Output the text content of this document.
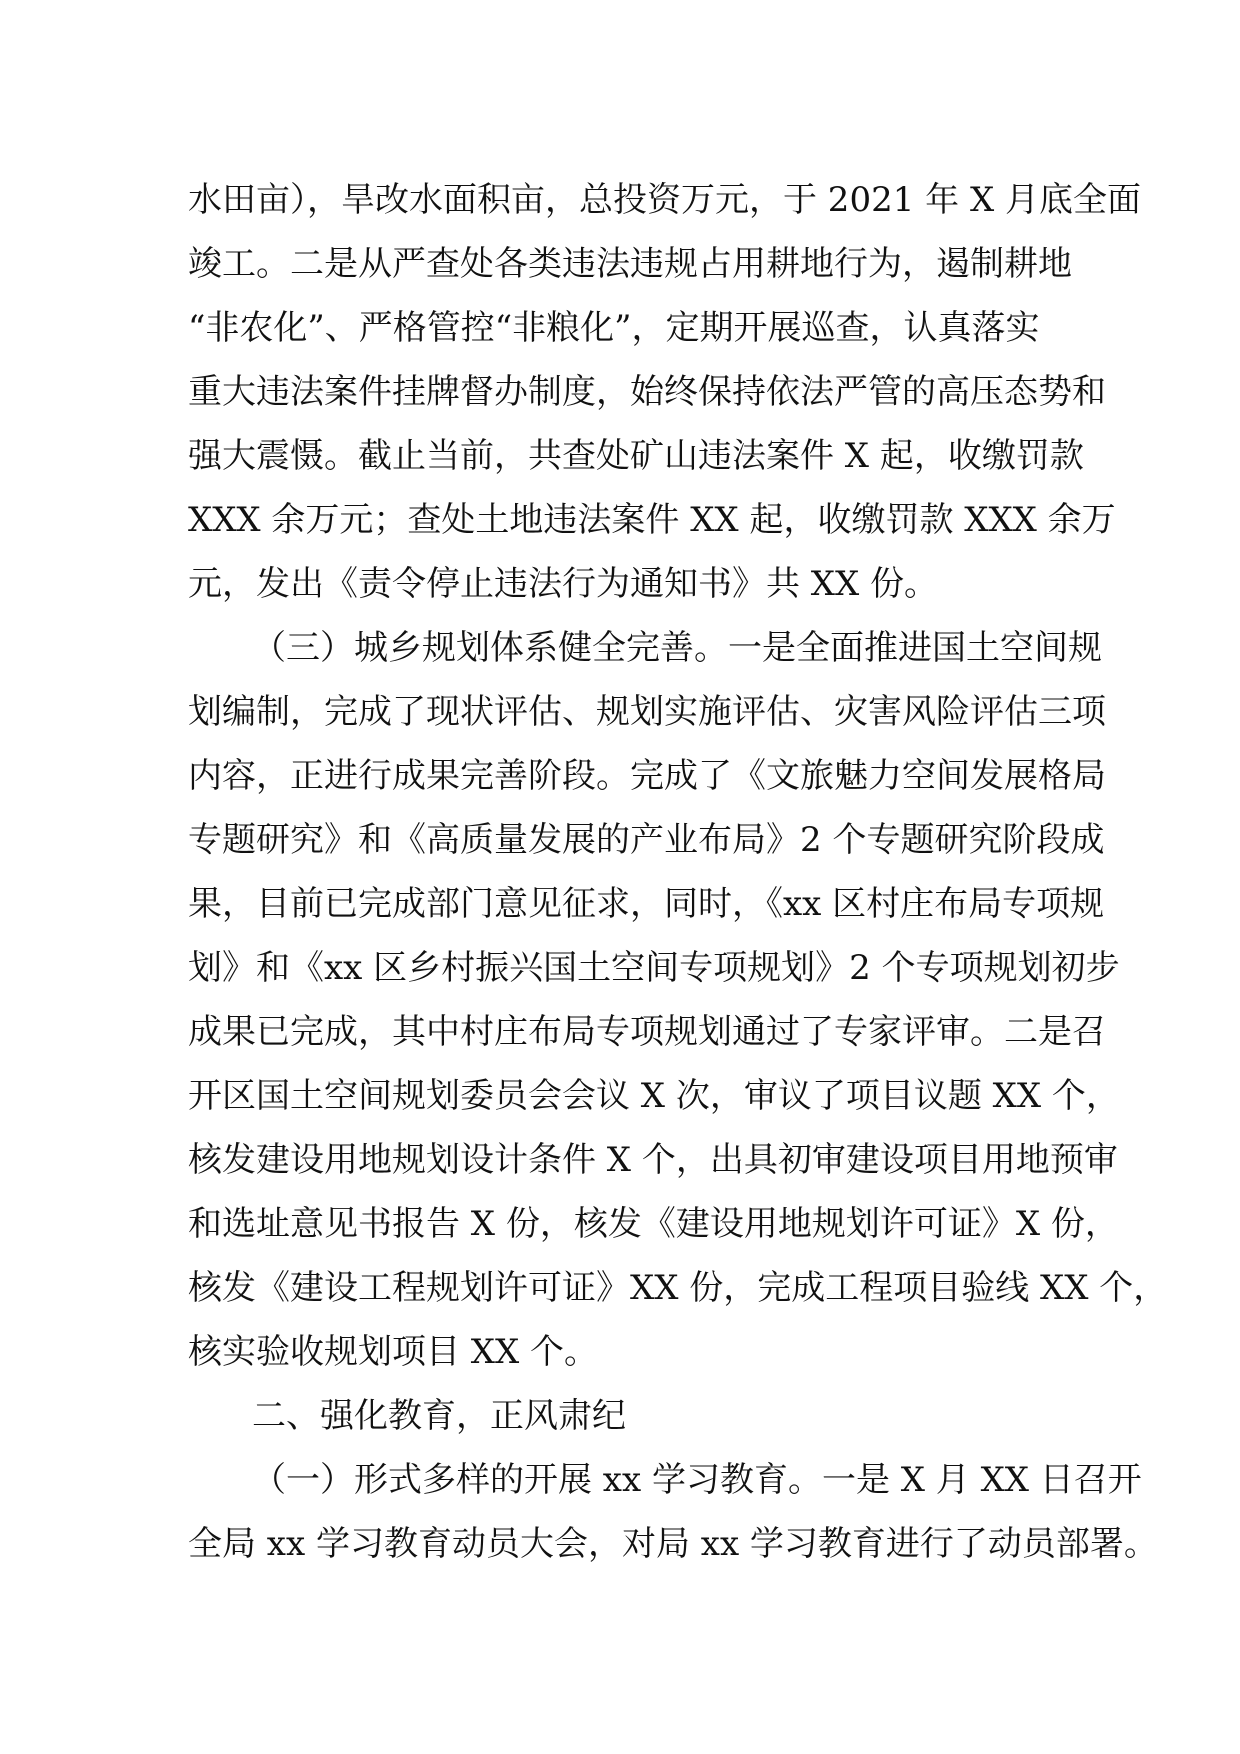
水田亩），旱改水面积亩，总投资万元，于 2021 年 X 月底全面
竣工。二是从严查处各类违法违规占用耕地行为，遏制耕地
“非农化”、严格管控“非粮化”，定期开展巡查，认真落实
重大违法案件挂牌督办制度，始终保持依法严管的高压态势和
强大震慑。截止当前，共查处矿山违法案件 X 起，收缴罚款
XXX 余万元；查处土地违法案件 XX 起，收缴罚款 XXX 余万
元，发出《责令停止违法行为通知书》共 XX 份。
（三）城乡规划体系健全完善。一是全面推进国土空间规
划编制，完成了现状评估、规划实施评估、灾害风险评估三项
内容，正进行成果完善阶段。完成了《文旅魅力空间发展格局
专题研究》和《高质量发展的产业布局》2 个专题研究阶段成
果，目前已完成部门意见征求，同时，《xx 区村庄布局专项规
划》和《xx 区乡村振兴国土空间专项规划》2 个专项规划初步
成果已完成，其中村庄布局专项规划通过了专家评审。二是召
开区国土空间规划委员会会议 X 次，审议了项目议题 XX 个，
核发建设用地规划设计条件 X 个，出具初审建设项目用地预审
和选址意见书报告 X 份，核发《建设用地规划许可证》X 份，
核发《建设工程规划许可证》XX 份，完成工程项目验线 XX 个，
核实验收规划项目 XX 个。
二、强化教育，正风肃纪
（一）形式多样的开展 xx 学习教育。一是 X 月 XX 日召开
全局 xx 学习教育动员大会，对局 xx 学习教育进行了动员部署。
